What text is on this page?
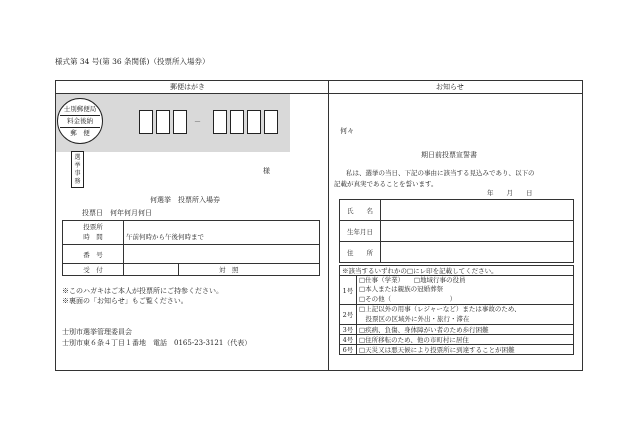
様式第 34 号(第 36 条関係)（投票所入場券）
郵便はがき
士別郵便局
料金後納
郵　便
－
選
挙
事
務
様
何選挙　投票所入場券
投票日　何年何月何日
投票所
時　間	午前何時から午後何時まで	
番　号		
受　付		対　照
※このハガキはご本人が投票所にご持参ください。
※裏面の「お知らせ」もご覧ください。
士別市選挙管理委員会
士別市東６条４丁目１番地　電話　0165-23-3121（代表）
お知らせ
何々
期日前投票宣誓書
私は、選挙の当日、下記の事由に該当する見込みであり、以下の
記載が真実であることを誓います。
年　　月　　日
氏　　名	
生年月日	
住　　所	
※該当するいずれかの□にレ印を記載してください。	
1号	□仕事（学業）　　□地域行事の役員
□本人または親族の冠婚葬祭
□その他（　　　　　　　　　）
2号	□上記以外の用事（レジャーなど）または事故のため、
　投票区の区域外に外出・旅行・滞在
3号	□疾病、負傷、身体障がい者のため歩行困難
4号	□住所移転のため、他の市町村に居住
6号	□天災又は悪天候により投票所に到達することが困難
